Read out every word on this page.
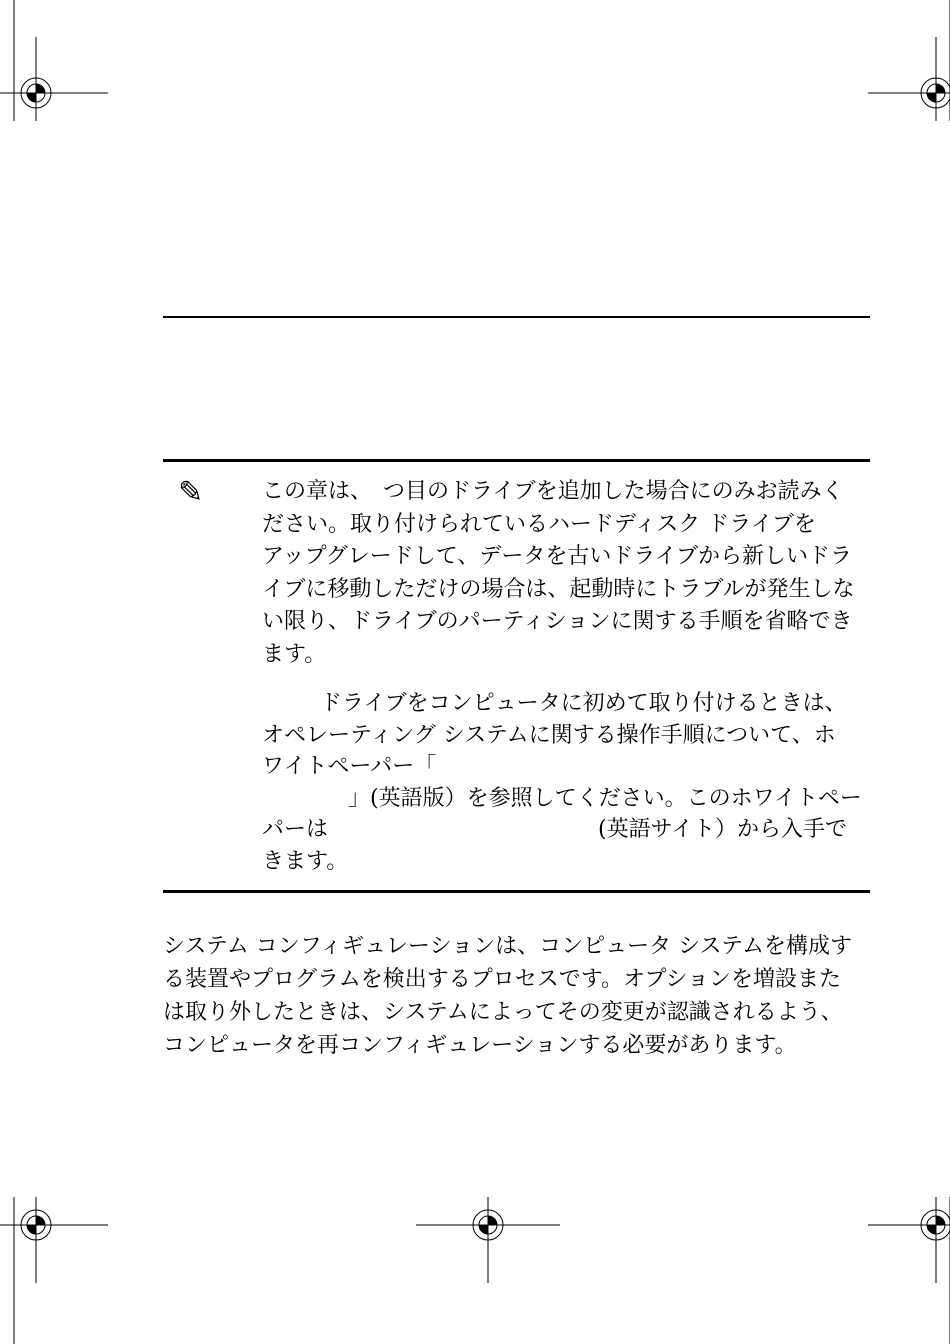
✎	この章は、　つ目のドライブを追加した場合にのみお読みく
ださい。取り付けられているハードディスク ドライブを
アップグレードして、データを古いドライブから新しいドラ
イブに移動しただけの場合は、起動時にトラブルが発生しな
い限り、ドライブのパーティションに関する手順を省略でき
ます。
ドライブをコンピュータに初めて取り付けるときは、
オペレーティング システムに関する操作手順について、ホ
ワイトペーパー「
」(英語版）を参照してください。このホワイトペー
パーは	(英語サイト）から入手で
きます。
システム コンフィギュレーションは、コンピュータ システムを構成す
る装置やプログラムを検出するプロセスです。オプションを増設また
は取り外したときは、システムによってその変更が認識されるよう、
コンピュータを再コンフィギュレーションする必要があります。
